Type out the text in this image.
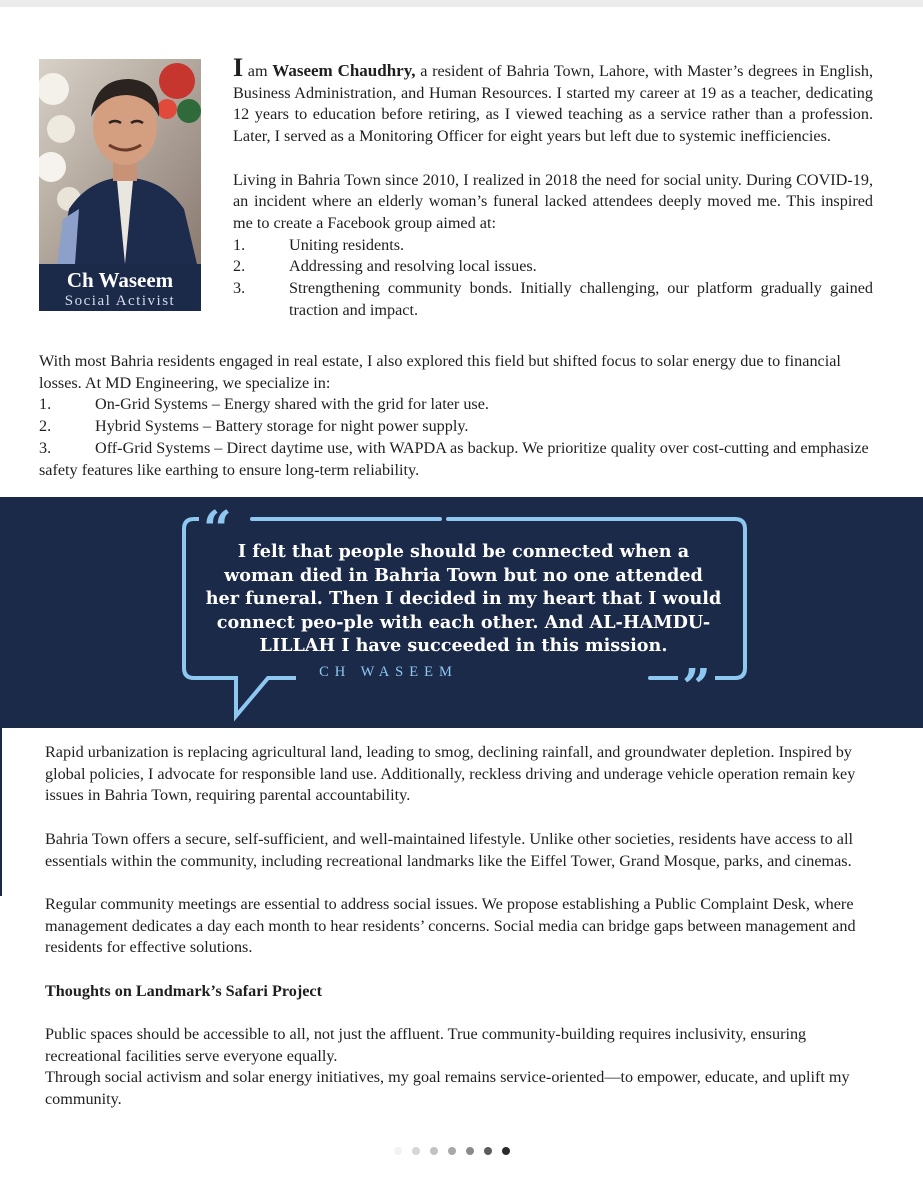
Ch Waseem
Social Activist

I am Waseem Chaudhry, a resident of Bahria Town, Lahore, with Master’s degrees in English, Business Administration, and Human Resources. I started my career at 19 as a teacher, dedicating 12 years to education before retiring, as I viewed teaching as a service rather than a profession. Later, I served as a Monitoring Officer for eight years but left due to systemic inefficiencies.

Living in Bahria Town since 2010, I realized in 2018 the need for social unity. During COVID-19, an incident where an elderly woman’s funeral lacked attendees deeply moved me. This inspired me to create a Facebook group aimed at:

1.	Uniting residents.
2.	Addressing and resolving local issues.
3.	Strengthening community bonds. Initially challenging, our platform gradually gained traction and impact.

With most Bahria residents engaged in real estate, I also explored this field but shifted focus to solar energy due to financial losses. At MD Engineering, we specialize in:

1.	On-Grid Systems – Energy shared with the grid for later use.
2.	Hybrid Systems – Battery storage for night power supply.
3.	Off-Grid Systems – Direct daytime use, with WAPDA as backup. We prioritize quality over cost-cutting and emphasize safety features like earthing to ensure long-term reliability.
“ I felt that people should be connected when a woman died in Bahria Town but no one attended her funeral. Then I decided in my heart that I would connect peo-ple with each other. And AL-HAMDU-LILLAH I have succeeded in this mission.
CH WASEEM	”

Rapid urbanization is replacing agricultural land, leading to smog, declining rainfall, and groundwater depletion. Inspired by global policies, I advocate for responsible land use. Additionally, reckless driving and underage vehicle operation remain key issues in Bahria Town, requiring parental accountability.

Bahria Town offers a secure, self-sufficient, and well-maintained lifestyle. Unlike other societies, residents have access to all essentials within the community, including recreational landmarks like the Eiffel Tower, Grand Mosque, parks, and cinemas.

Regular community meetings are essential to address social issues. We propose establishing a Public Complaint Desk, where management dedicates a day each month to hear residents’ concerns. Social media can bridge gaps between management and residents for effective solutions.

Thoughts on Landmark’s Safari Project

Public spaces should be accessible to all, not just the affluent. True community-building requires inclusivity, ensuring recreational facilities serve everyone equally.

Through social activism and solar energy initiatives, my goal remains service-oriented—to empower, educate, and uplift my community.
